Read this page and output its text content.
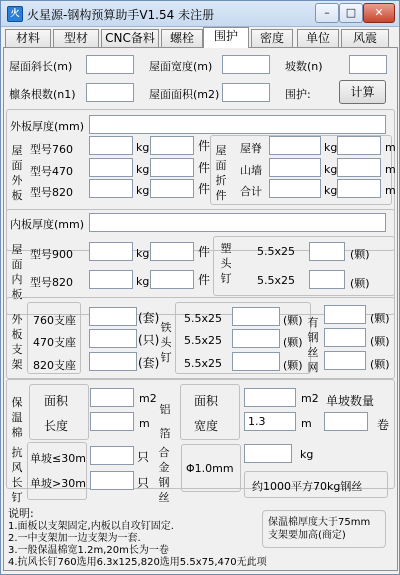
火 火星源-钢构预算助手V1.54 未注册	–	□	✕
材料	型材	CNC备料	螺栓	围护	密度	单位	风震
屋面斜长(m)	屋面宽度(m)	坡数(n)
檩条根数(n1)	屋面面积(m2)	围护:	计算
外板厚度(mm)
屋面外板
型号760	kg	件
型号470	kg	件
型号820	kg	件
屋面折件
屋脊	kg	m
山墙	kg	m
合计	kg	m
内板厚度(mm)
屋面内板
型号900	kg	件
型号820	kg	件
塑头钉
5.5x25	(颗)
5.5x25	(颗)
外板支架
760支座	(套)
470支座	(只)
820支座	(套)
铁头钉
5.5x25	(颗)
5.5x25	(颗)
5.5x25	(颗)
有钢丝网
(颗)
(颗)
(颗)
保温棉
面积	m2
长度	m
铝箔
面积	m2
宽度	1.3	m
单坡数量
卷
抗风长钉
单坡≤30m	只
单坡>30m	只
合金钢丝
Φ1.0mm
kg
约1000平方70kg钢丝
说明:
1.面板以支架固定,内板以自攻钉固定.
2.一中支架加一边支架为一套.
3.一般保温棉宽1.2m,20m长为一卷
4.抗风长钉760选用6.3x125,820选用5.5x75,470无此项
保温棉厚度大于75mm支架要加高(商定)
